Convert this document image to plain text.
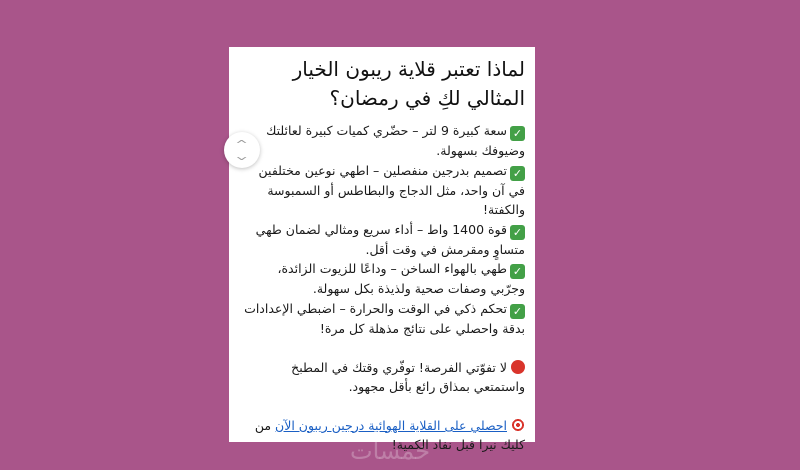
لماذا تعتبر قلاية ريبون الخيار المثالي لكِ في رمضان؟

✓سعة كبيرة 9 لتر – حضّري كميات كبيرة لعائلتك وضيوفك بسهولة.

✓تصميم بدرجين منفصلين – اطهي نوعين مختلفين في آن واحد، مثل الدجاج والبطاطس أو السمبوسة والكفتة!

✓قوة 1400 واط – أداء سريع ومثالي لضمان طهي متساوٍ ومقرمش في وقت أقل.

✓طهي بالهواء الساخن – وداعًا للزيوت الزائدة، وجرّبي وصفات صحية ولذيذة بكل سهولة.

✓تحكم ذكي في الوقت والحرارة – اضبطي الإعدادات بدقة واحصلي على نتائج مذهلة كل مرة!

لا تفوّتي الفرصة! توفّري وقتك في المطبخ واستمتعي بمذاق رائع بأقل مجهود.

احصلي على القلاية الهوائية درجين ريبون الآن من كليك نيرا قبل نفاد الكمية!

^
^
خمسات
